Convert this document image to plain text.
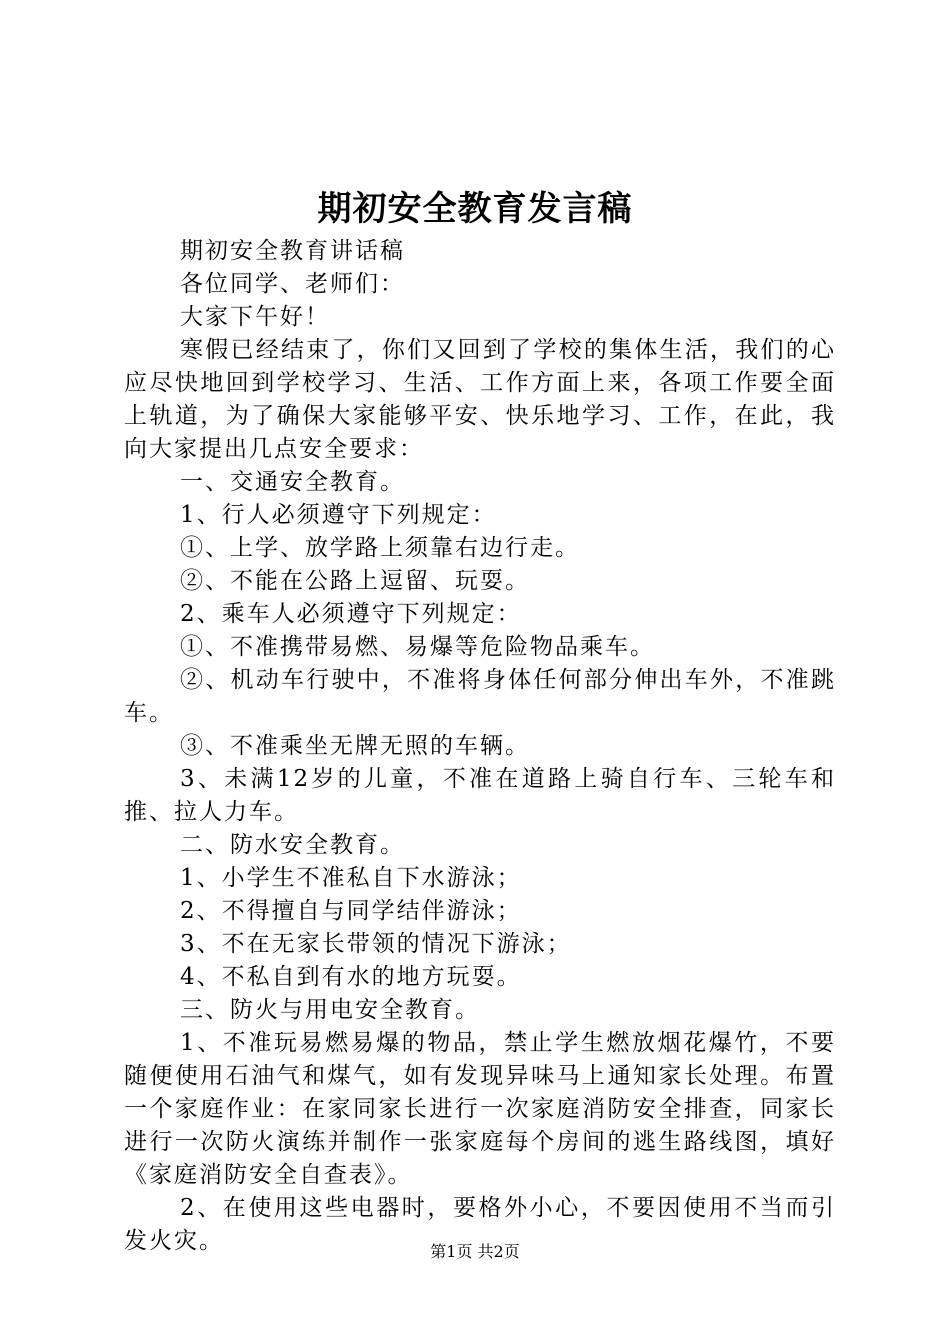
期初安全教育发言稿

期初安全教育讲话稿

各位同学、老师们：

大家下午好！

寒假已经结束了，你们又回到了学校的集体生活，我们的心应尽快地回到学校学习、生活、工作方面上来，各项工作要全面上轨道，为了确保大家能够平安、快乐地学习、工作，在此，我向大家提出几点安全要求：

一、交通安全教育。

1、行人必须遵守下列规定：

①、上学、放学路上须靠右边行走。

②、不能在公路上逗留、玩耍。

2、乘车人必须遵守下列规定：

①、不准携带易燃、易爆等危险物品乘车。

②、机动车行驶中，不准将身体任何部分伸出车外，不准跳车。

③、不准乘坐无牌无照的车辆。

3、未满12岁的儿童，不准在道路上骑自行车、三轮车和推、拉人力车。

二、防水安全教育。

1、小学生不准私自下水游泳；

2、不得擅自与同学结伴游泳；

3、不在无家长带领的情况下游泳；

4、不私自到有水的地方玩耍。

三、防火与用电安全教育。

1、不准玩易燃易爆的物品，禁止学生燃放烟花爆竹，不要随便使用石油气和煤气，如有发现异味马上通知家长处理。布置一个家庭作业：在家同家长进行一次家庭消防安全排查，同家长进行一次防火演练并制作一张家庭每个房间的逃生路线图，填好《家庭消防安全自查表》。

2、在使用这些电器时，要格外小心，不要因使用不当而引发火灾。	第1页 共2页
